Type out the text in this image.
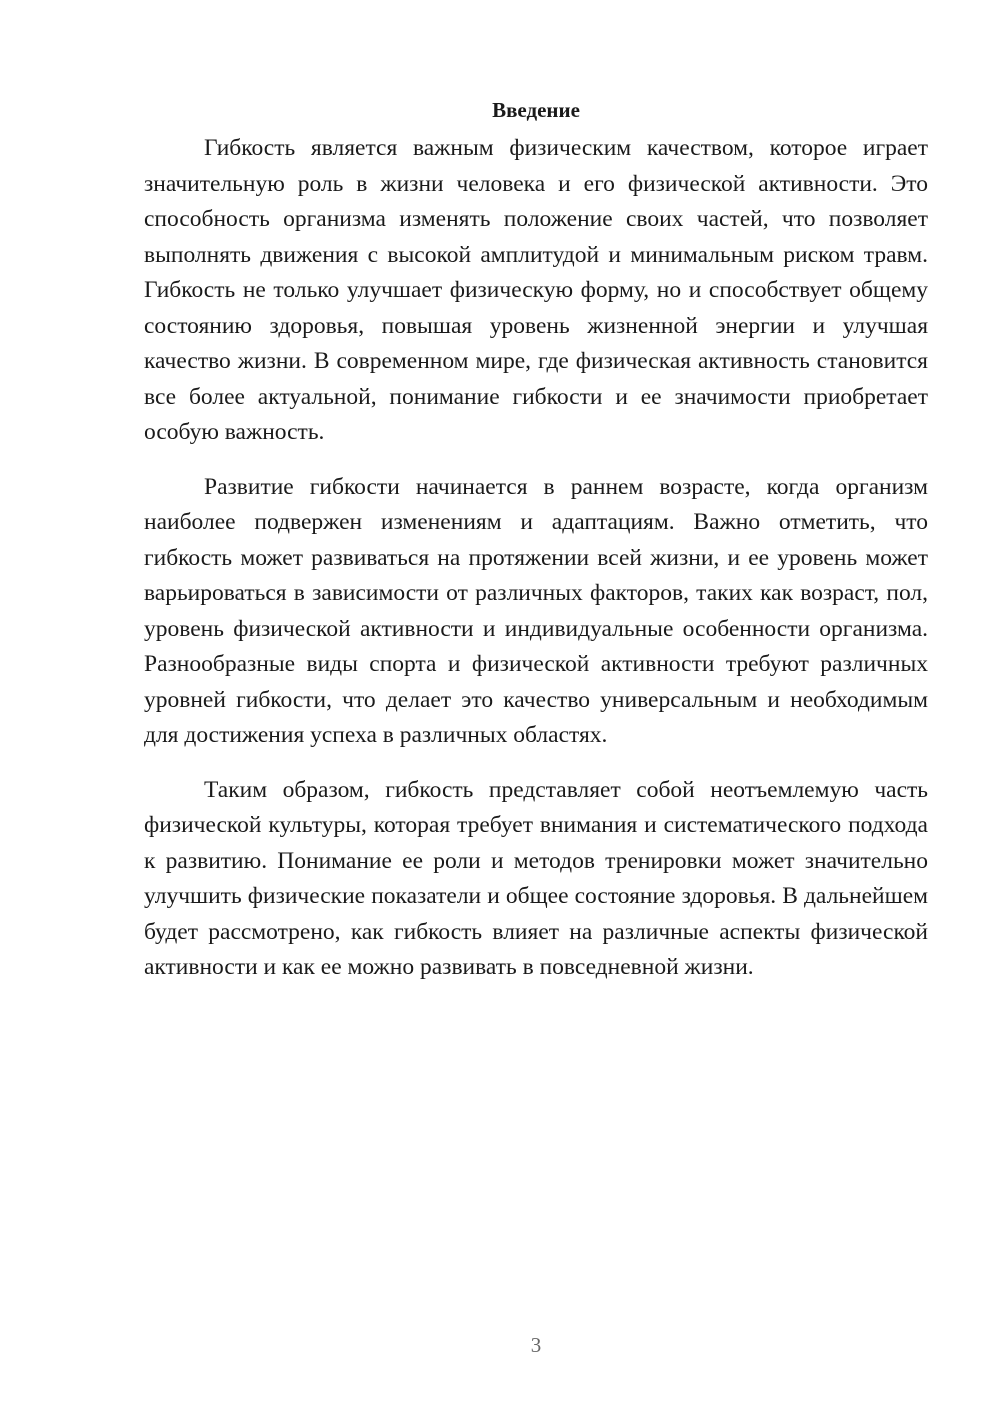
Введение

Гибкость является важным физическим качеством, которое играет значительную роль в жизни человека и его физической активности. Это способность организма изменять положение своих частей, что позволяет выполнять движения с высокой амплитудой и минимальным риском травм. Гибкость не только улучшает физическую форму, но и способствует общему состоянию здоровья, повышая уровень жизненной энергии и улучшая качество жизни. В современном мире, где физическая активность становится все более актуальной, понимание гибкости и ее значимости приобретает особую важность.

Развитие гибкости начинается в раннем возрасте, когда организм наиболее подвержен изменениям и адаптациям. Важно отметить, что гибкость может развиваться на протяжении всей жизни, и ее уровень может варьироваться в зависимости от различных факторов, таких как возраст, пол, уровень физической активности и индивидуальные особенности организма. Разнообразные виды спорта и физической активности требуют различных уровней гибкости, что делает это качество универсальным и необходимым для достижения успеха в различных областях.

Таким образом, гибкость представляет собой неотъемлемую часть физической культуры, которая требует внимания и систематического подхода к развитию. Понимание ее роли и методов тренировки может значительно улучшить физические показатели и общее состояние здоровья. В дальнейшем будет рассмотрено, как гибкость влияет на различные аспекты физической активности и как ее можно развивать в повседневной жизни.

3
